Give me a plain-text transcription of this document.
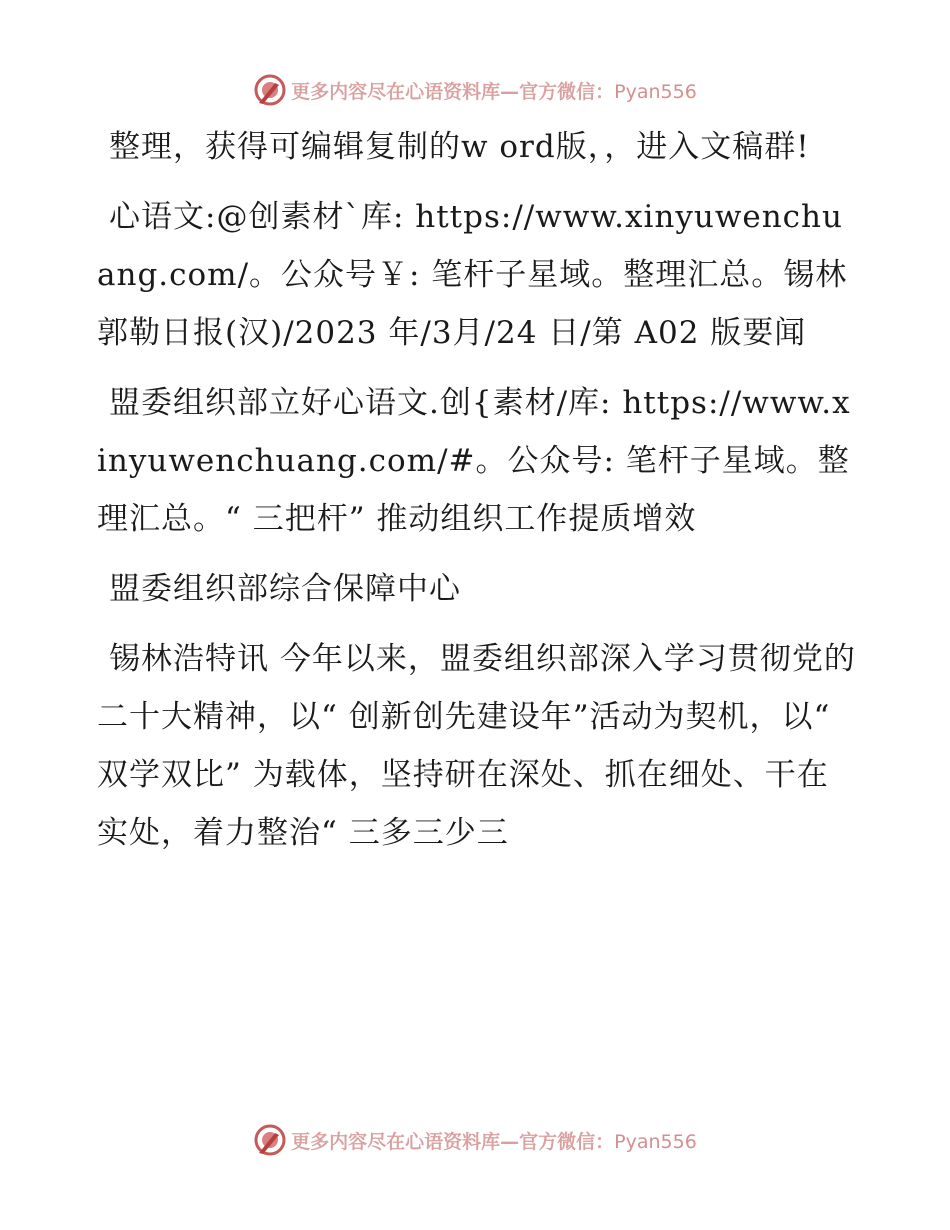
更多内容尽在心语资料库—官方微信：Pyan556

整理，获得可编辑复制的w ord版，，进入文稿群!

心语文:@创素材`库: https://www.xinyuwenchuang.com/。公众号￥: 笔杆子星域。整理汇总。锡林郭勒日报(汉)/2023 年/3月/24 日/第 A02 版要闻

盟委组织部立好心语文.创{素材/库: https://www.xinyuwenchuang.com/#。公众号: 笔杆子星域。整理汇总。“ 三把杆” 推动组织工作提质增效

盟委组织部综合保障中心

锡林浩特讯 今年以来，盟委组织部深入学习贯彻党的二十大精神，以“ 创新创先建设年”活动为契机，以“ 双学双比” 为载体，坚持研在深处、抓在细处、干在实处，着力整治“ 三多三少三

更多内容尽在心语资料库—官方微信：Pyan556
